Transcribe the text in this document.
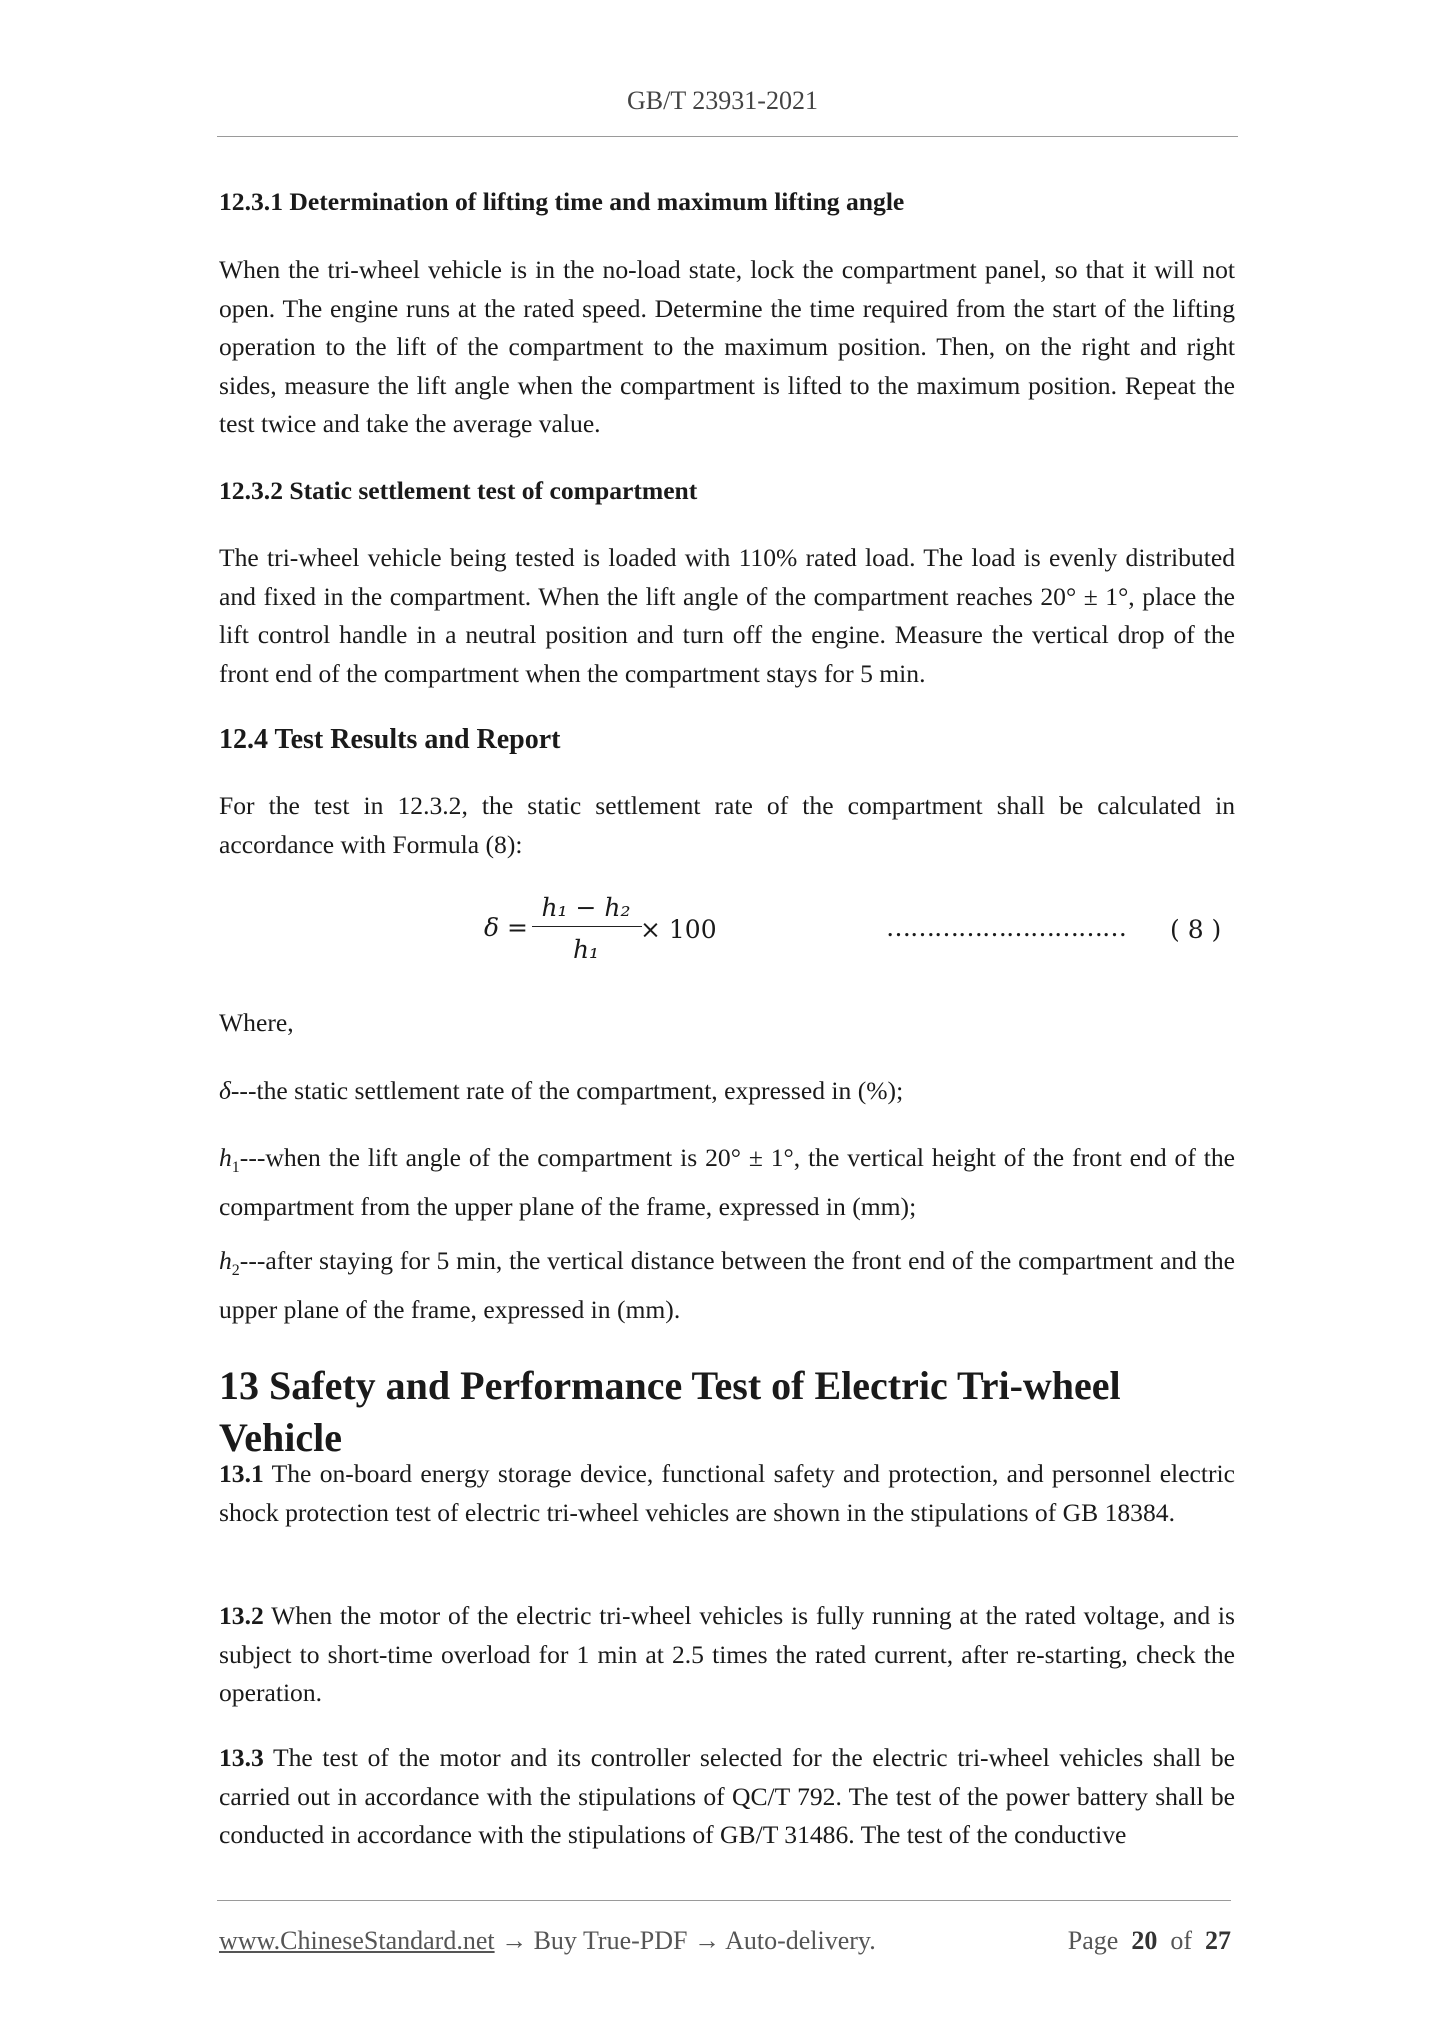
GB/T 23931-2021
12.3.1 Determination of lifting time and maximum lifting angle

When the tri-wheel vehicle is in the no-load state, lock the compartment panel, so that it will not open. The engine runs at the rated speed. Determine the time required from the start of the lifting operation to the lift of the compartment to the maximum position. Then, on the right and right sides, measure the lift angle when the compartment is lifted to the maximum position. Repeat the test twice and take the average value.

12.3.2 Static settlement test of compartment

The tri-wheel vehicle being tested is loaded with 110% rated load. The load is evenly distributed and fixed in the compartment. When the lift angle of the compartment reaches 20° ± 1°, place the lift control handle in a neutral position and turn off the engine. Measure the vertical drop of the front end of the compartment when the compartment stays for 5 min.

12.4 Test Results and Report

For the test in 12.3.2, the static settlement rate of the compartment shall be calculated in accordance with Formula (8):

δ =
h₁ − h₂
h₁
× 100	………………………… ( 8 )

Where,

δ---the static settlement rate of the compartment, expressed in (%);

$h_1--$-when the lift angle of the compartment is 20° ± 1°, the vertical height of the front end of the compartment from the upper plane of the frame, expressed in (mm);

$h_2--$-after staying for 5 min, the vertical distance between the front end of the compartment and the upper plane of the frame, expressed in (mm).

13 Safety and Performance Test of Electric Tri-wheel Vehicle

13.1 The on-board energy storage device, functional safety and protection, and personnel electric shock protection test of electric tri-wheel vehicles are shown in the stipulations of GB 18384.

13.2 When the motor of the electric tri-wheel vehicles is fully running at the rated voltage, and is subject to short-time overload for 1 min at 2.5 times the rated current, after re-starting, check the operation.

13.3 The test of the motor and its controller selected for the electric tri-wheel vehicles shall be carried out in accordance with the stipulations of QC/T 792. The test of the power battery shall be conducted in accordance with the stipulations of GB/T 31486. The test of the conductive

www.ChineseStandard.net → Buy True-PDF → Auto-delivery.	Page 20 of 27
